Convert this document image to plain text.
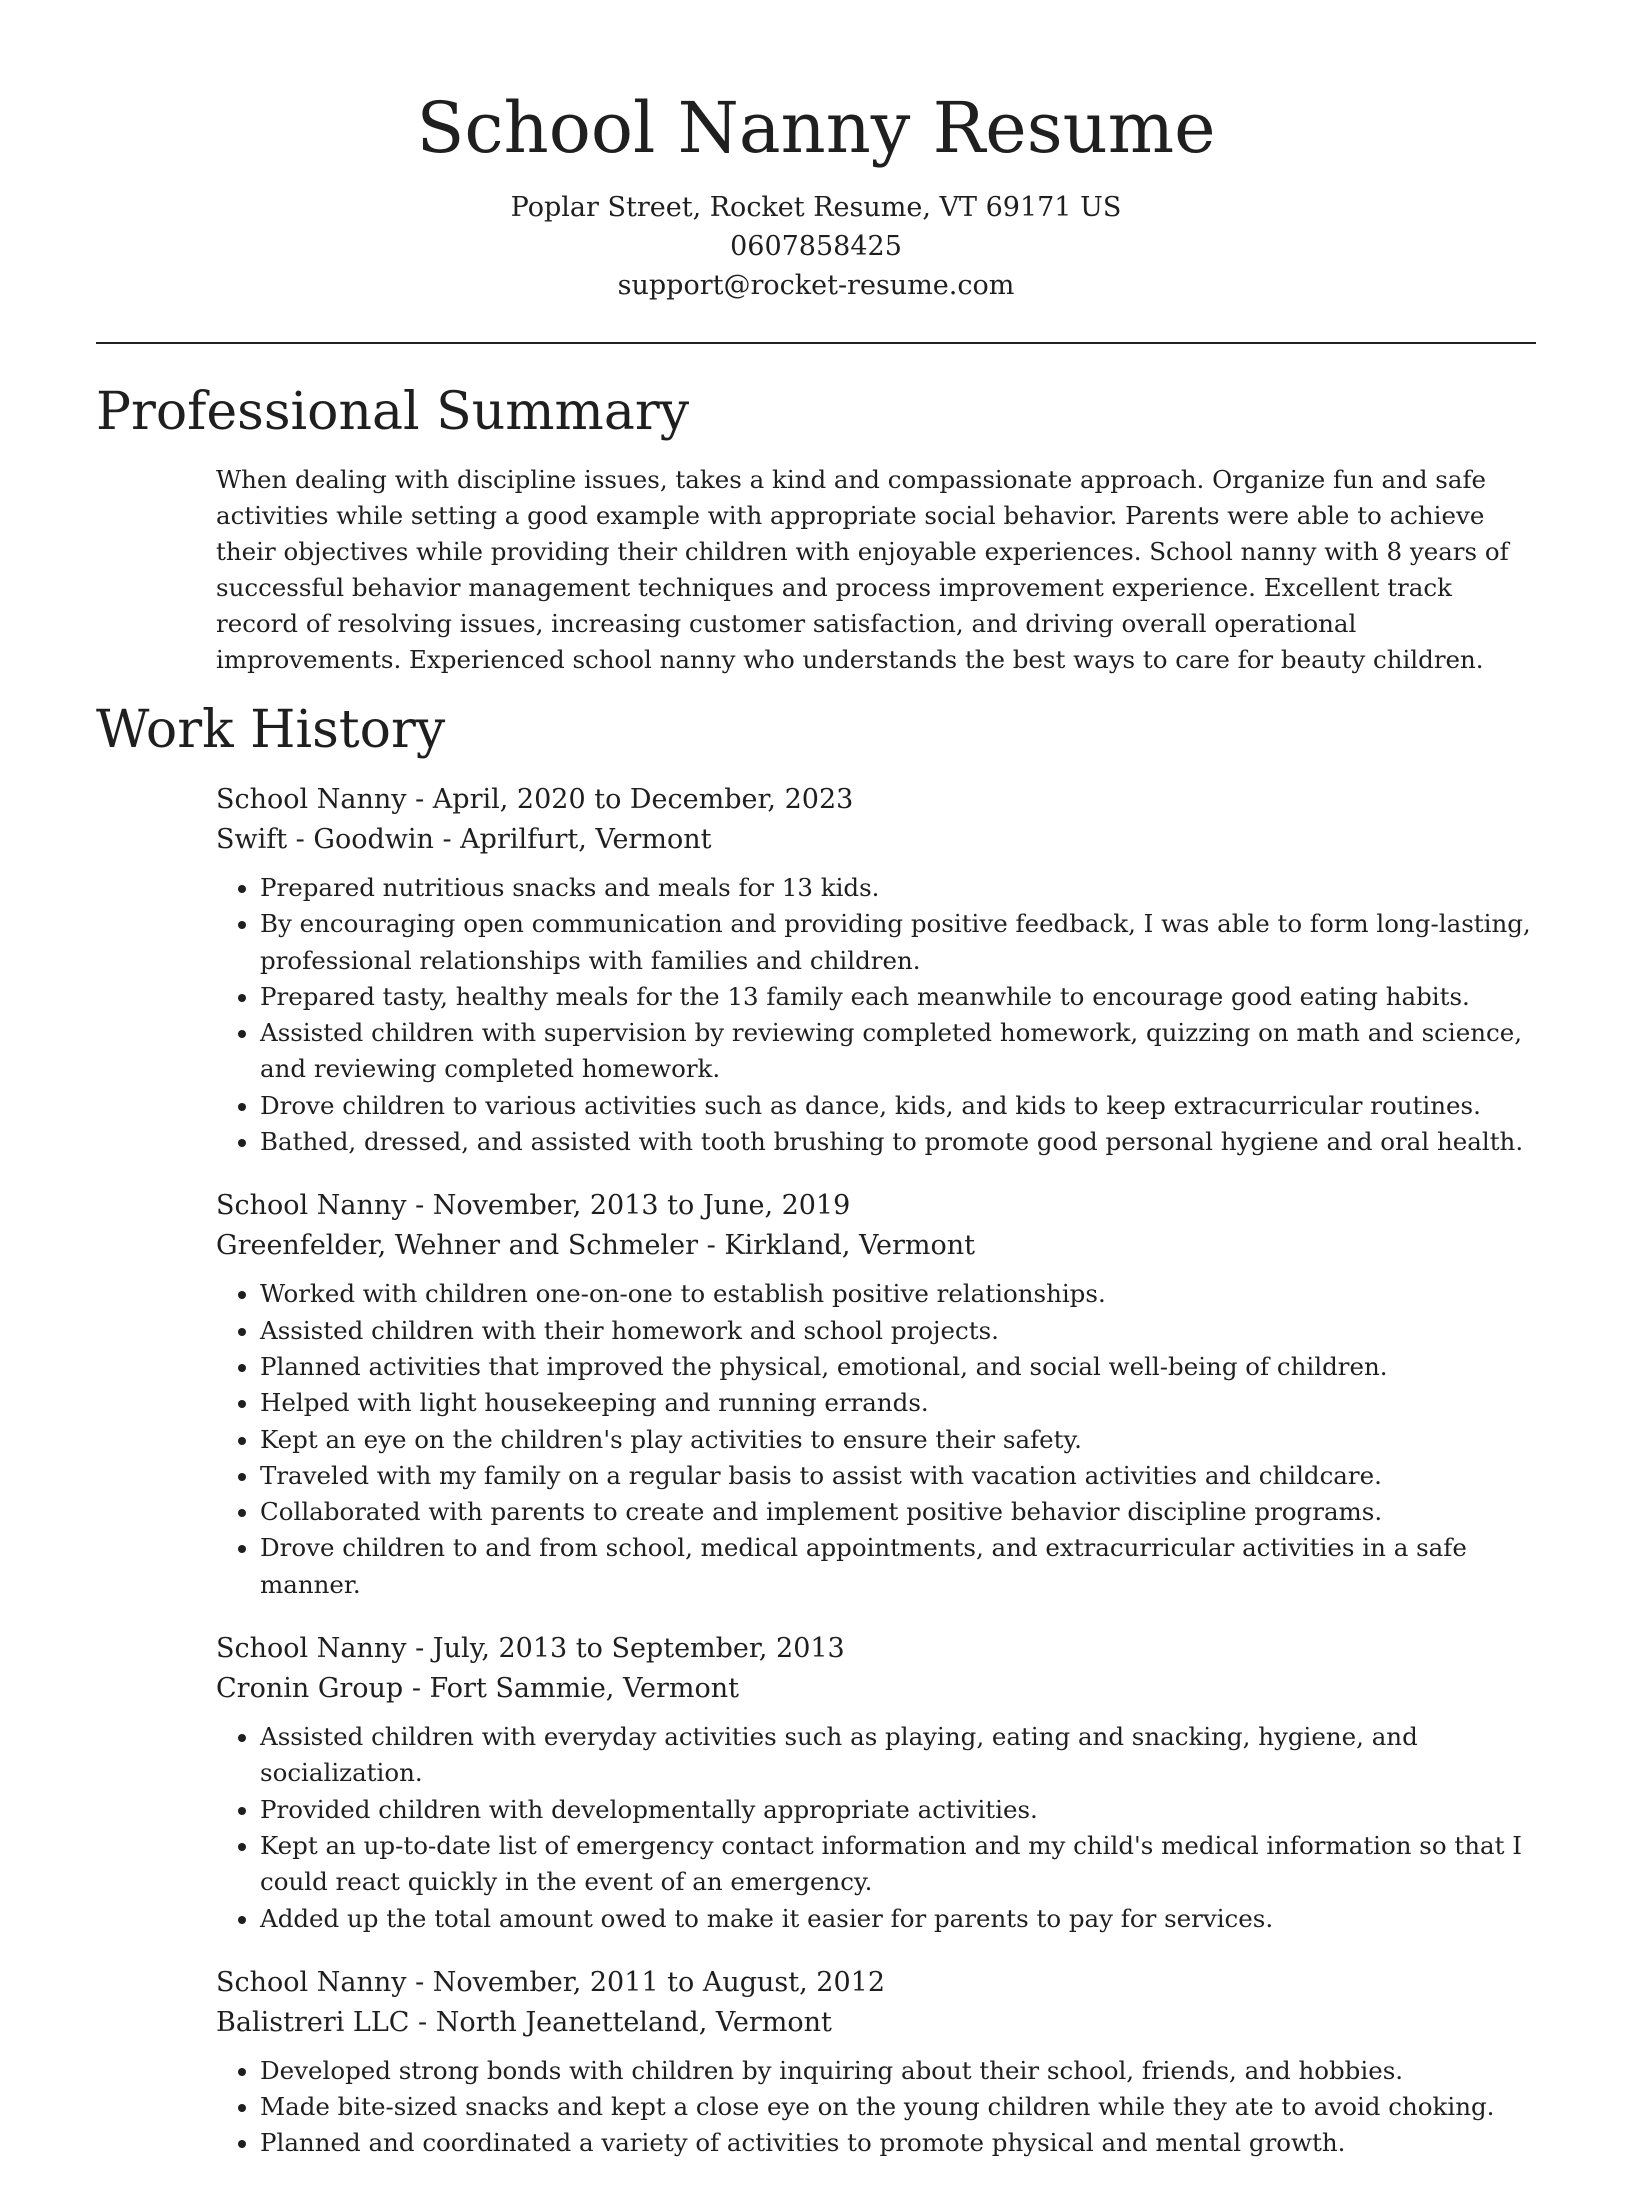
School Nanny Resume
Poplar Street, Rocket Resume, VT 69171 US
0607858425
support@rocket-resume.com
Professional Summary

When dealing with discipline issues, takes a kind and compassionate approach. Organize fun and safe activities while setting a good example with appropriate social behavior. Parents were able to achieve their objectives while providing their children with enjoyable experiences. School nanny with 8 years of successful behavior management techniques and process improvement experience. Excellent track record of resolving issues, increasing customer satisfaction, and driving overall operational improvements. Experienced school nanny who understands the best ways to care for beauty children.

Work History
School Nanny - April, 2020 to December, 2023
Swift - Goodwin - Aprilfurt, Vermont
• Prepared nutritious snacks and meals for 13 kids.
• By encouraging open communication and providing positive feedback, I was able to form long-lasting, professional relationships with families and children.
• Prepared tasty, healthy meals for the 13 family each meanwhile to encourage good eating habits.
• Assisted children with supervision by reviewing completed homework, quizzing on math and science, and reviewing completed homework.
• Drove children to various activities such as dance, kids, and kids to keep extracurricular routines.
• Bathed, dressed, and assisted with tooth brushing to promote good personal hygiene and oral health.
School Nanny - November, 2013 to June, 2019
Greenfelder, Wehner and Schmeler - Kirkland, Vermont
• Worked with children one-on-one to establish positive relationships.
• Assisted children with their homework and school projects.
• Planned activities that improved the physical, emotional, and social well-being of children.
• Helped with light housekeeping and running errands.
• Kept an eye on the children's play activities to ensure their safety.
• Traveled with my family on a regular basis to assist with vacation activities and childcare.
• Collaborated with parents to create and implement positive behavior discipline programs.
• Drove children to and from school, medical appointments, and extracurricular activities in a safe manner.
School Nanny - July, 2013 to September, 2013
Cronin Group - Fort Sammie, Vermont
• Assisted children with everyday activities such as playing, eating and snacking, hygiene, and socialization.
• Provided children with developmentally appropriate activities.
• Kept an up-to-date list of emergency contact information and my child's medical information so that I could react quickly in the event of an emergency.
• Added up the total amount owed to make it easier for parents to pay for services.
School Nanny - November, 2011 to August, 2012
Balistreri LLC - North Jeanetteland, Vermont
• Developed strong bonds with children by inquiring about their school, friends, and hobbies.
• Made bite-sized snacks and kept a close eye on the young children while they ate to avoid choking.
• Planned and coordinated a variety of activities to promote physical and mental growth.
